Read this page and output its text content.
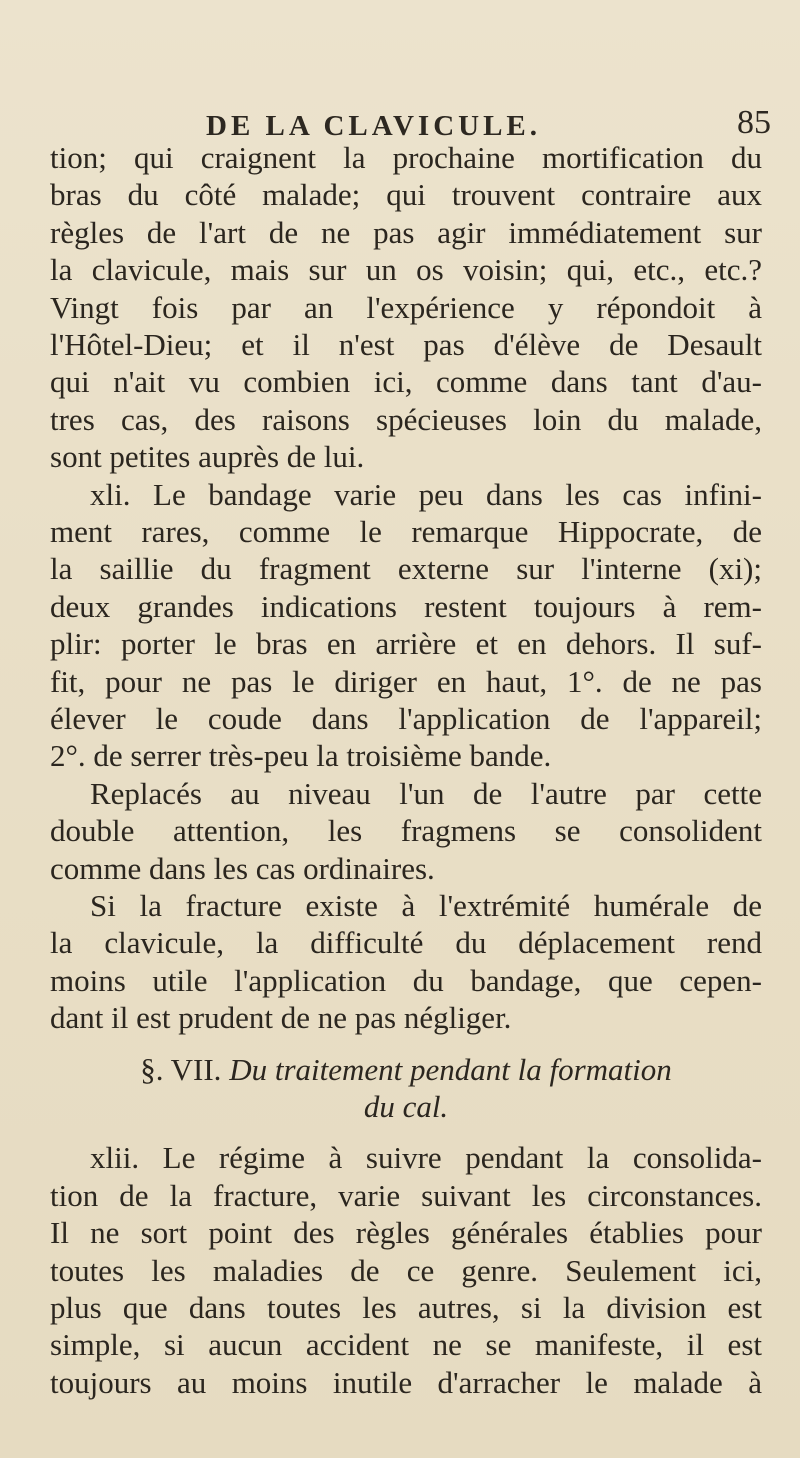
DE LA CLAVICULE.	85
tion; qui craignent la prochaine mortification du
bras du côté malade; qui trouvent contraire aux
règles de l'art de ne pas agir immédiatement sur
la clavicule, mais sur un os voisin; qui, etc., etc.?
Vingt fois par an l'expérience y répondoit à
l'Hôtel-Dieu; et il n'est pas d'élève de Desault
qui n'ait vu combien ici, comme dans tant d'au-
tres cas, des raisons spécieuses loin du malade,
sont petites auprès de lui.
xli. Le bandage varie peu dans les cas infini-
ment rares, comme le remarque Hippocrate, de
la saillie du fragment externe sur l'interne (xi);
deux grandes indications restent toujours à rem-
plir: porter le bras en arrière et en dehors. Il suf-
fit, pour ne pas le diriger en haut, 1°. de ne pas
élever le coude dans l'application de l'appareil;
2°. de serrer très-peu la troisième bande.
Replacés au niveau l'un de l'autre par cette
double attention, les fragmens se consolident
comme dans les cas ordinaires.
Si la fracture existe à l'extrémité humérale de
la clavicule, la difficulté du déplacement rend
moins utile l'application du bandage, que cepen-
dant il est prudent de ne pas négliger.
§. VII. Du traitement pendant la formation
du cal.
xlii. Le régime à suivre pendant la consolida-
tion de la fracture, varie suivant les circonstances.
Il ne sort point des règles générales établies pour
toutes les maladies de ce genre. Seulement ici,
plus que dans toutes les autres, si la division est
simple, si aucun accident ne se manifeste, il est
toujours au moins inutile d'arracher le malade à
